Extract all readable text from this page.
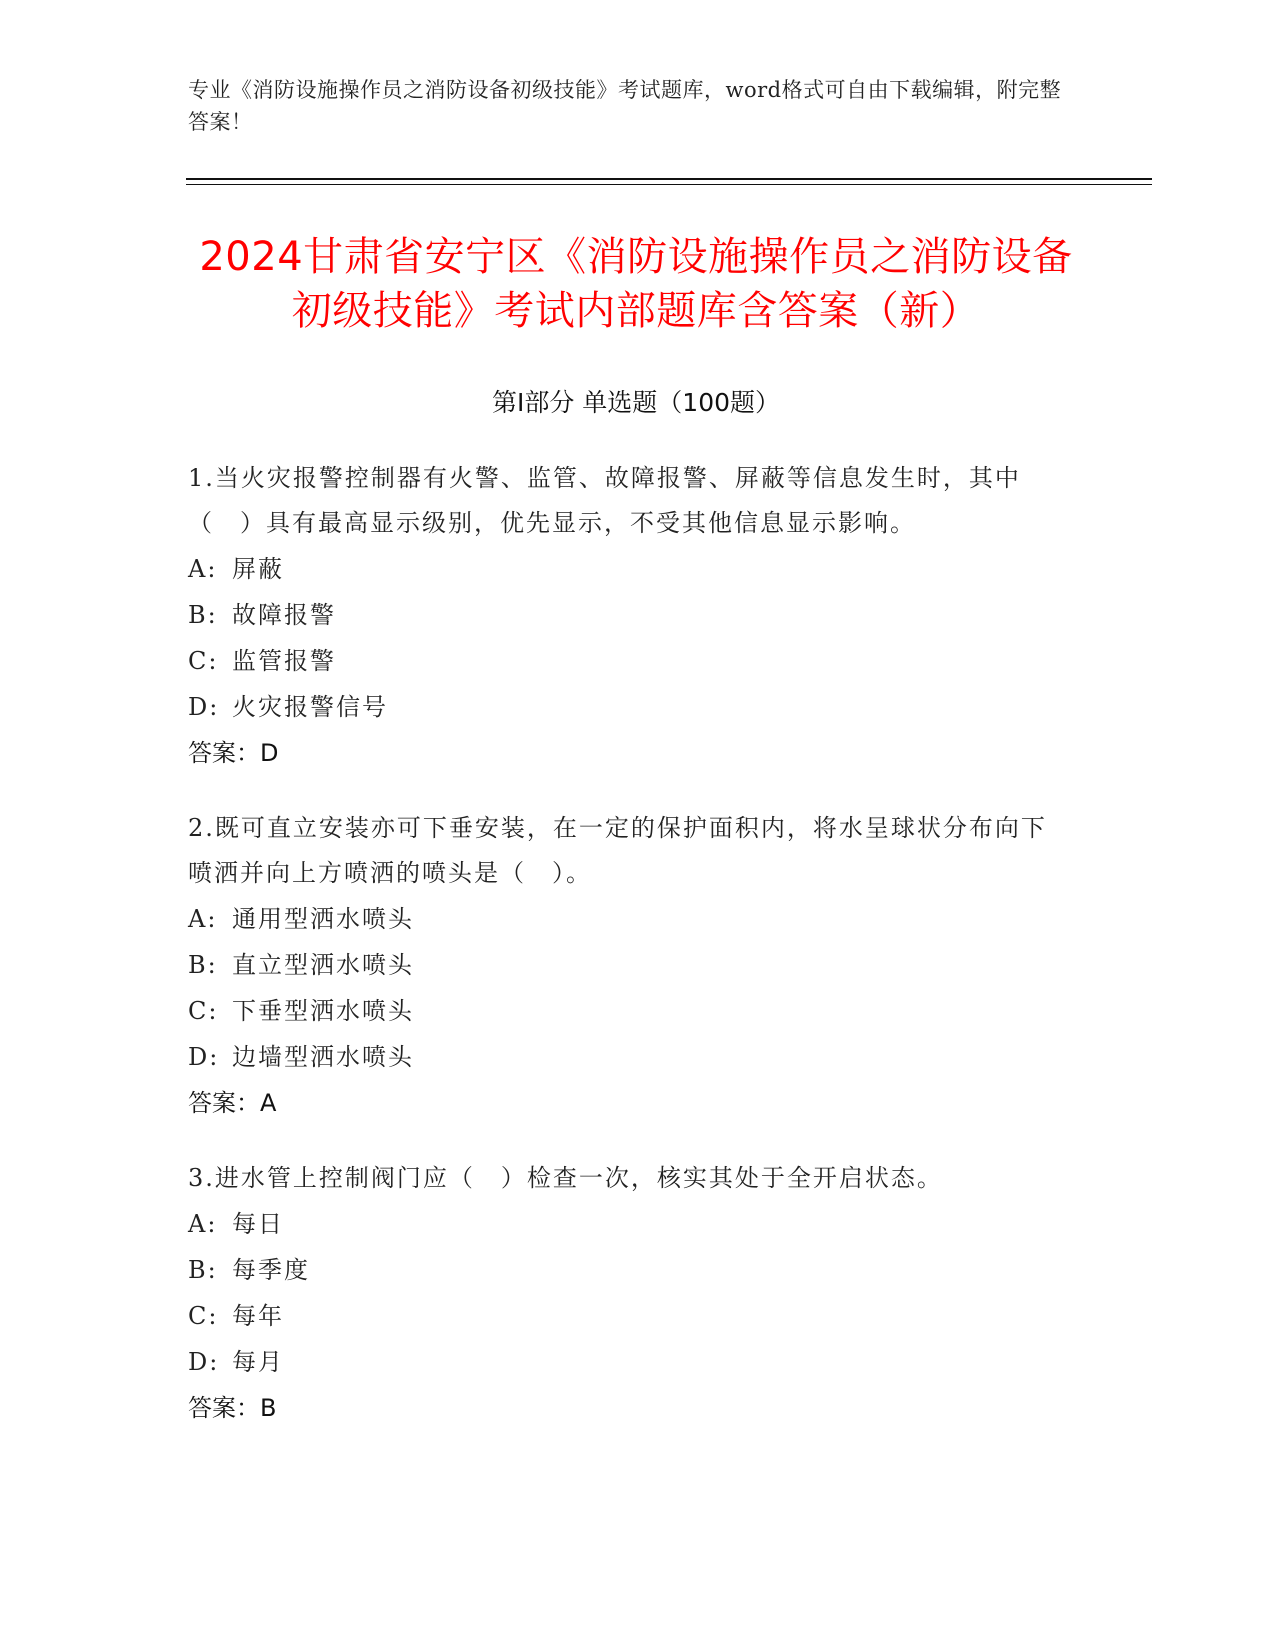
专业《消防设施操作员之消防设备初级技能》考试题库，word格式可自由下载编辑，附完整答案！
2024甘肃省安宁区《消防设施操作员之消防设备初级技能》考试内部题库含答案（新）
第I部分 单选题（100题）
1.当火灾报警控制器有火警、监管、故障报警、屏蔽等信息发生时，其中（　）具有最高显示级别，优先显示，不受其他信息显示影响。
A: 屏蔽
B: 故障报警
C: 监管报警
D: 火灾报警信号
答案：D
2.既可直立安装亦可下垂安装，在一定的保护面积内，将水呈球状分布向下喷洒并向上方喷洒的喷头是（　）。
A: 通用型洒水喷头
B: 直立型洒水喷头
C: 下垂型洒水喷头
D: 边墙型洒水喷头
答案：A
3.进水管上控制阀门应（　）检查一次，核实其处于全开启状态。
A: 每日
B: 每季度
C: 每年
D: 每月
答案：B
